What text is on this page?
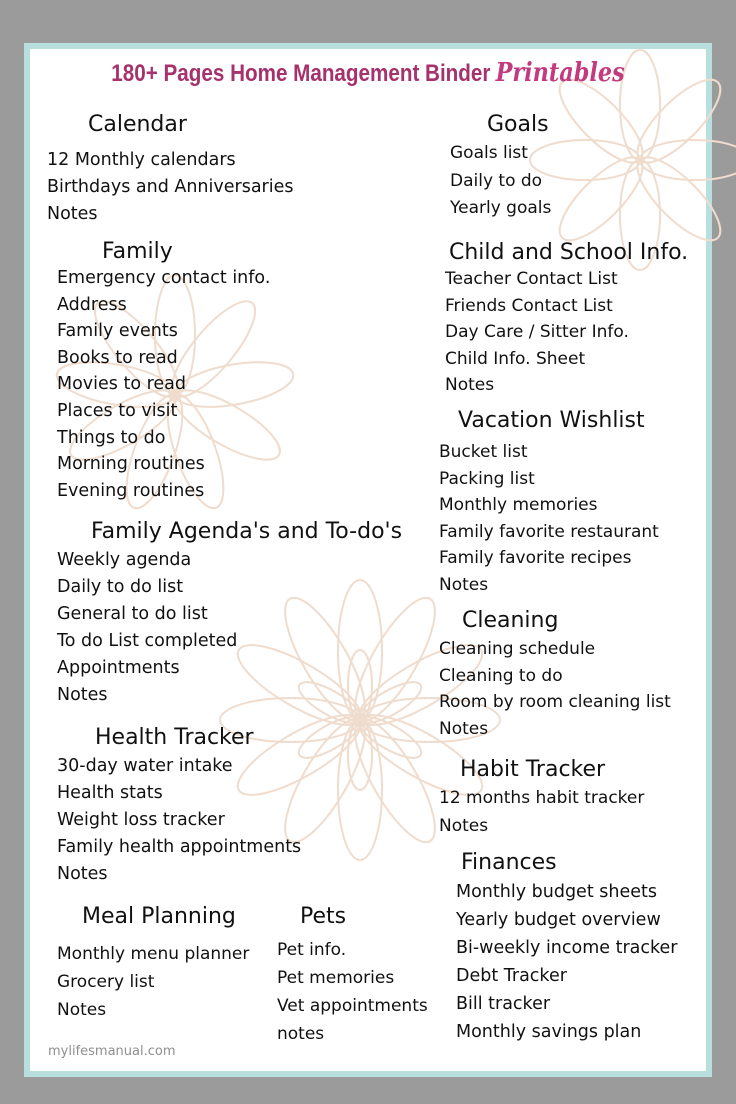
180+ Pages Home Management Binder Printables
Calendar
12 Monthly calendars
Birthdays and Anniversaries
Notes
Family
Emergency contact info.
Address
Family events
Books to read
Movies to read
Places to visit
Things to do
Morning routines
Evening routines
Family Agenda's and To-do's
Weekly agenda
Daily to do list
General to do list
To do List completed
Appointments
Notes
Health Tracker
30-day water intake
Health stats
Weight loss tracker
Family health appointments
Notes
Meal Planning
Monthly menu planner
Grocery list
Notes
Pets
Pet info.
Pet memories
Vet appointments
notes
Goals
Goals list
Daily to do
Yearly goals
Child and School Info.
Teacher Contact List
Friends Contact List
Day Care / Sitter Info.
Child Info. Sheet
Notes
Vacation Wishlist
Bucket list
Packing list
Monthly memories
Family favorite restaurant
Family favorite recipes
Notes
Cleaning
Cleaning schedule
Cleaning to do
Room by room cleaning list
Notes
Habit Tracker
12 months habit tracker
Notes
Finances
Monthly budget sheets
Yearly budget overview
Bi-weekly income tracker
Debt Tracker
Bill tracker
Monthly savings plan
mylifesmanual.com
